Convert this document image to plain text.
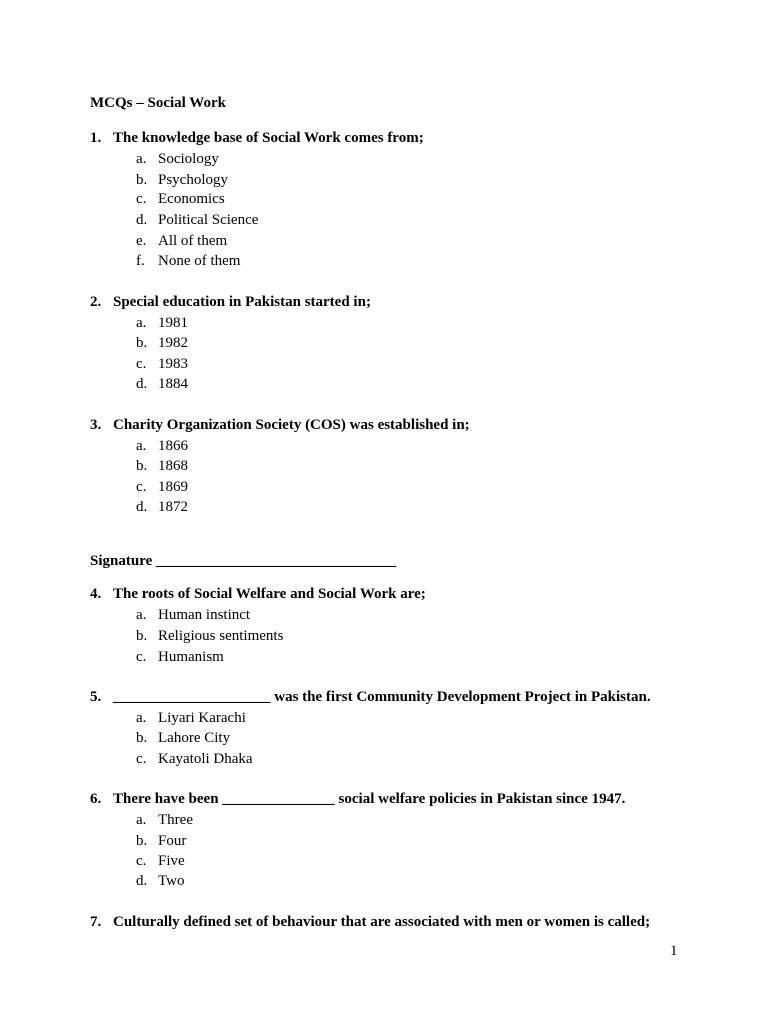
MCQs – Social Work
1. The knowledge base of Social Work comes from;
a. Sociology
b. Psychology
c. Economics
d. Political Science
e. All of them
f. None of them
2. Special education in Pakistan started in;
a. 1981
b. 1982
c. 1983
d. 1884
3. Charity Organization Society (COS) was established in;
a. 1866
b. 1868
c. 1869
d. 1872
Signature ________________________________
4. The roots of Social Welfare and Social Work are;
a. Human instinct
b. Religious sentiments
c. Humanism
5. _____________________ was the first Community Development Project in Pakistan.
a. Liyari Karachi
b. Lahore City
c. Kayatoli Dhaka
6. There have been _______________ social welfare policies in Pakistan since 1947.
a. Three
b. Four
c. Five
d. Two
7. Culturally defined set of behaviour that are associated with men or women is called;
1
